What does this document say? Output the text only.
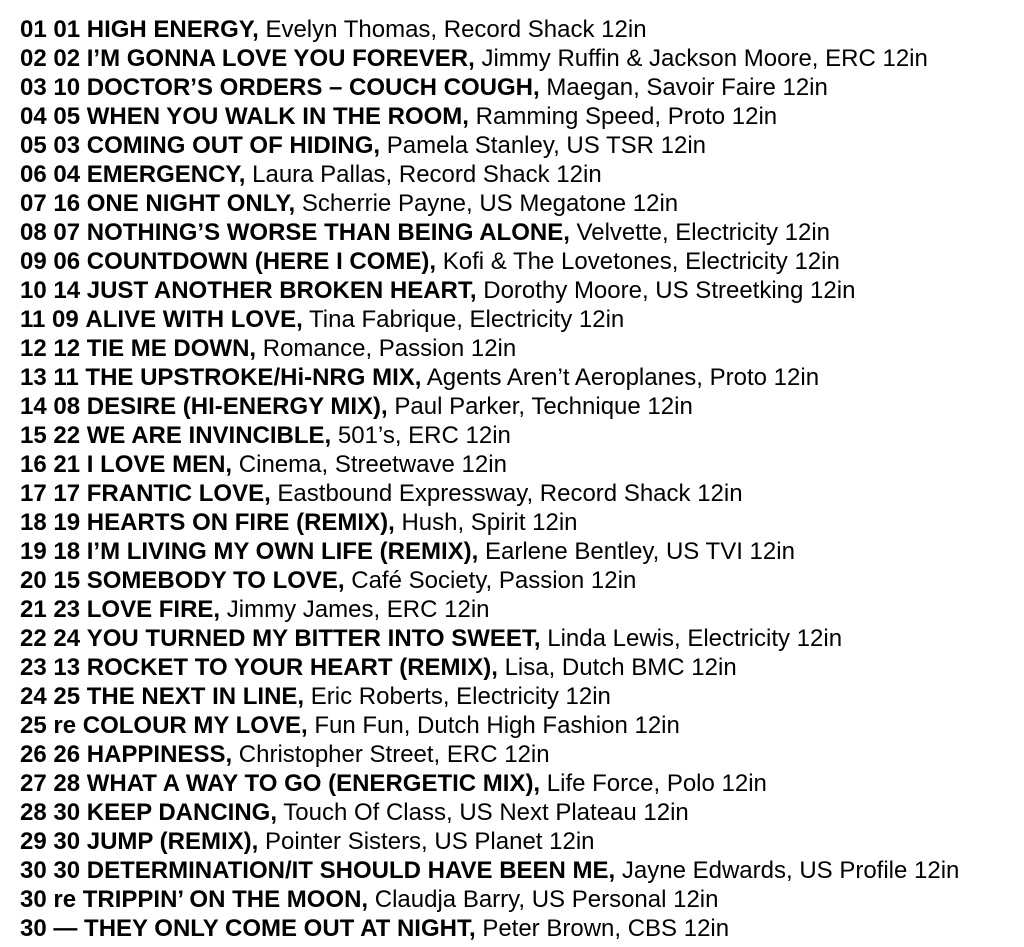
01 01 HIGH ENERGY, Evelyn Thomas, Record Shack 12in
02 02 I’M GONNA LOVE YOU FOREVER, Jimmy Ruffin & Jackson Moore, ERC 12in
03 10 DOCTOR’S ORDERS – COUCH COUGH, Maegan, Savoir Faire 12in
04 05 WHEN YOU WALK IN THE ROOM, Ramming Speed, Proto 12in
05 03 COMING OUT OF HIDING, Pamela Stanley, US TSR 12in
06 04 EMERGENCY, Laura Pallas, Record Shack 12in
07 16 ONE NIGHT ONLY, Scherrie Payne, US Megatone 12in
08 07 NOTHING’S WORSE THAN BEING ALONE, Velvette, Electricity 12in
09 06 COUNTDOWN (HERE I COME), Kofi & The Lovetones, Electricity 12in
10 14 JUST ANOTHER BROKEN HEART, Dorothy Moore, US Streetking 12in
11 09 ALIVE WITH LOVE, Tina Fabrique, Electricity 12in
12 12 TIE ME DOWN, Romance, Passion 12in
13 11 THE UPSTROKE/Hi-NRG MIX, Agents Aren’t Aeroplanes, Proto 12in
14 08 DESIRE (HI-ENERGY MIX), Paul Parker, Technique 12in
15 22 WE ARE INVINCIBLE, 501’s, ERC 12in
16 21 I LOVE MEN, Cinema, Streetwave 12in
17 17 FRANTIC LOVE, Eastbound Expressway, Record Shack 12in
18 19 HEARTS ON FIRE (REMIX), Hush, Spirit 12in
19 18 I’M LIVING MY OWN LIFE (REMIX), Earlene Bentley, US TVI 12in
20 15 SOMEBODY TO LOVE, Café Society, Passion 12in
21 23 LOVE FIRE, Jimmy James, ERC 12in
22 24 YOU TURNED MY BITTER INTO SWEET, Linda Lewis, Electricity 12in
23 13 ROCKET TO YOUR HEART (REMIX), Lisa, Dutch BMC 12in
24 25 THE NEXT IN LINE, Eric Roberts, Electricity 12in
25 re COLOUR MY LOVE, Fun Fun, Dutch High Fashion 12in
26 26 HAPPINESS, Christopher Street, ERC 12in
27 28 WHAT A WAY TO GO (ENERGETIC MIX), Life Force, Polo 12in
28 30 KEEP DANCING, Touch Of Class, US Next Plateau 12in
29 30 JUMP (REMIX), Pointer Sisters, US Planet 12in
30 30 DETERMINATION/IT SHOULD HAVE BEEN ME, Jayne Edwards, US Profile 12in
30 re TRIPPIN’ ON THE MOON, Claudja Barry, US Personal 12in
30 — THEY ONLY COME OUT AT NIGHT, Peter Brown, CBS 12in
